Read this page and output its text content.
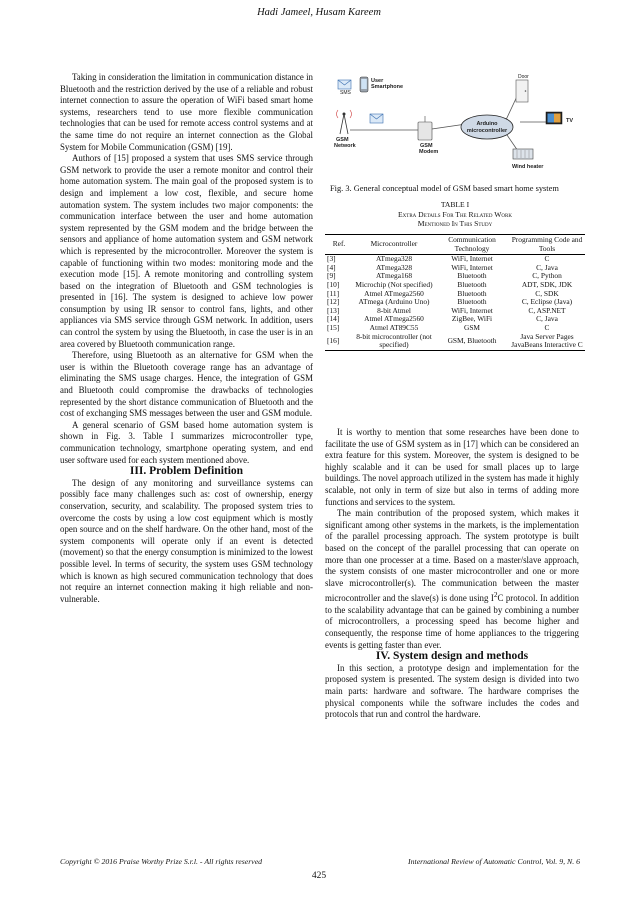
Hadi Jameel, Husam Kareem

Taking in consideration the limitation in communication distance in Bluetooth and the restriction derived by the use of a reliable and robust internet connection to assure the operation of WiFi based smart home systems, researchers tend to use more flexible communication technologies that can be used for remote access control systems and at the same time do not require an internet connection as the Global System for Mobile Communication (GSM) [19].

Authors of [15] proposed a system that uses SMS service through GSM network to provide the user a remote monitor and control their home automation system. The main goal of the proposed system is to design and implement a low cost, flexible, and secure home automation system. The system includes two major components: the communication interface between the user and home automation system represented by the GSM modem and the bridge between the sensors and appliance of home automation system and GSM network which is represented by the microcontroller. Moreover the system is capable of functioning within two modes: monitoring mode and the execution mode [15]. A remote monitoring and controlling system based on the integration of Bluetooth and GSM technologies is presented in [16]. The system is designed to achieve low power consumption by using IR sensor to control fans, lights, and other appliances via SMS service through GSM network. In addition, users can control the system by using the Bluetooth, in case the user is in an area covered by Bluetooth communication range.

Therefore, using Bluetooth as an alternative for GSM when the user is within the Bluetooth coverage range has an advantage of eliminating the SMS usage charges. Hence, the integration of GSM and Bluetooth could compromise the drawbacks of technologies represented by the short distance communication of Bluetooth and the cost of exchanging SMS messages between the user and GSM module.

A general scenario of GSM based home automation system is shown in Fig. 3. Table I summarizes microcontroller type, communication technology, smartphone operating system, and end user software used for each system mentioned above.

III. Problem Definition

The design of any monitoring and surveillance systems can possibly face many challenges such as: cost of ownership, energy conservation, security, and scalability. The proposed system tries to overcome the costs by using a low cost equipment which is mostly open source and on the shelf hardware. On the other hand, most of the system components will operate only if an event is detected (movement) so that the energy consumption is minimized to the lowest possible level. In terms of security, the system uses GSM technology which is known as high secured communication technology that does not require an internet connection making it high reliable and non-vulnerable.

SMS
User
Smartphone
GSM
Network	GSM
Modem
Arduino
microcontroller
Door
TV
Wind heater
Fig. 3. General conceptual model of GSM based smart home system
TABLE I
Extra Details For The Related Work
Mentioned In This Study
Ref.	Microcontroller	Communication Technology	Programming Code and Tools
[3]	ATmega328	WiFi, Internet	C
[4]	ATmega328	WiFi, Internet	C, Java
[9]	ATmega168	Bluetooth	C, Python
[10]	Microchip (Not specified)	Bluetooth	ADT, SDK, JDK
[11]	Atmel ATmega2560	Bluetooth	C, SDK
[12]	ATmega (Arduino Uno)	Bluetooth	C, Eclipse (Java)
[13]	8-bit Atmel	WiFi, Internet	C, ASP.NET
[14]	Atmel ATmega2560	ZigBee, WiFi	C, Java
[15]	Atmel AT89C55	GSM	C
[16]	8-bit microcontroller (not specified)	GSM, Bluetooth	Java Server Pages JavaBeans Interactive C

It is worthy to mention that some researches have been done to facilitate the use of GSM system as in [17] which can be considered an extra feature for this system. Moreover, the system is designed to be highly scalable and it can be used for small places up to large buildings. The novel approach utilized in the system has made it highly scalable, not only in term of size but also in terms of adding more functions and services to the system.

The main contribution of the proposed system, which makes it significant among other systems in the markets, is the implementation of the parallel processing approach. The system prototype is built based on the concept of the parallel processing that can operate on more than one processer at a time. Based on a master/slave approach, the system consists of one master microcontroller and one or more slave microcontroller(s). The communication between the master microcontroller and the slave(s) is done using $I^2C$ protocol. In addition to the scalability advantage that can be gained by combining a number of microcontrollers, a processing speed has become higher and consequently, the response time of home appliances to the triggering events is getting faster than ever.

IV. System design and methods

In this section, a prototype design and implementation for the proposed system is presented. The system design is divided into two main parts: hardware and software. The hardware comprises the physical components while the software includes the codes and protocols that run and control the hardware.

Copyright © 2016 Praise Worthy Prize S.r.l. - All rights reserved	International Review of Automatic Control, Vol. 9, N. 6
425
